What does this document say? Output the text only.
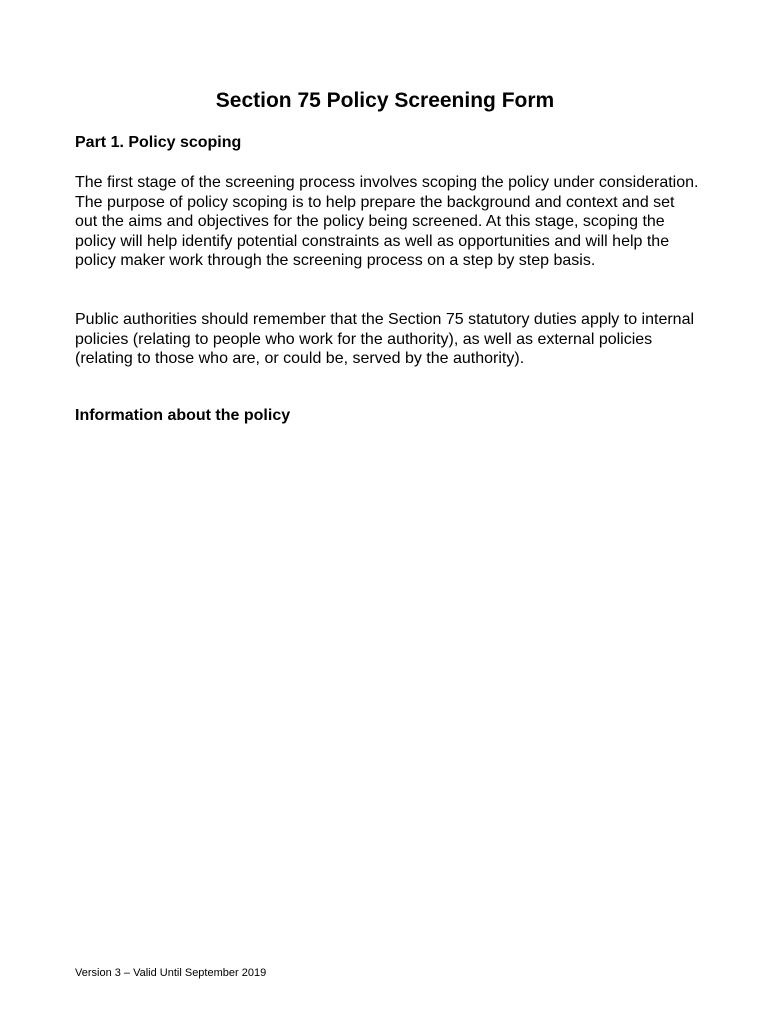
Section 75 Policy Screening Form
Part 1. Policy scoping

The first stage of the screening process involves scoping the policy under consideration. The purpose of policy scoping is to help prepare the background and context and set out the aims and objectives for the policy being screened. At this stage, scoping the policy will help identify potential constraints as well as opportunities and will help the policy maker work through the screening process on a step by step basis.

Public authorities should remember that the Section 75 statutory duties apply to internal policies (relating to people who work for the authority), as well as external policies (relating to those who are, or could be, served by the authority).

Information about the policy

Version 3 – Valid Until September 2019
